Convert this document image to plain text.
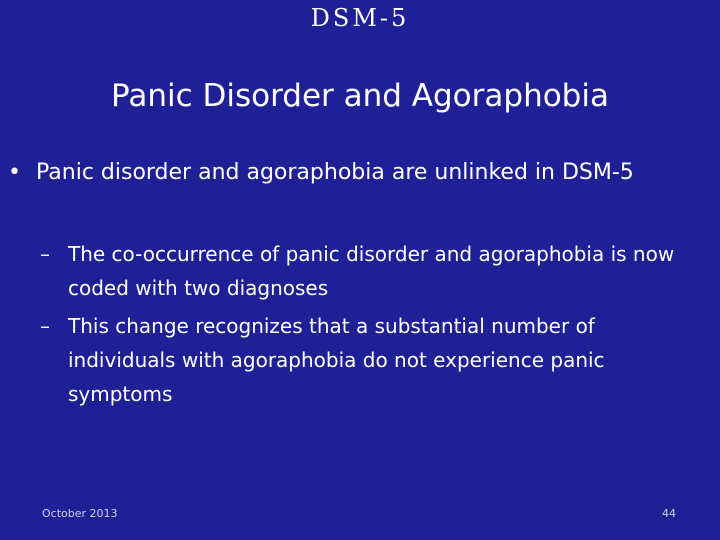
DSM-5
Panic Disorder and Agoraphobia
• Panic disorder and agoraphobia are unlinked in DSM-5
– The co-occurrence of panic disorder and agoraphobia is now coded with two diagnoses
– This change recognizes that a substantial number of individuals with agoraphobia do not experience panic symptoms
October 2013	44
